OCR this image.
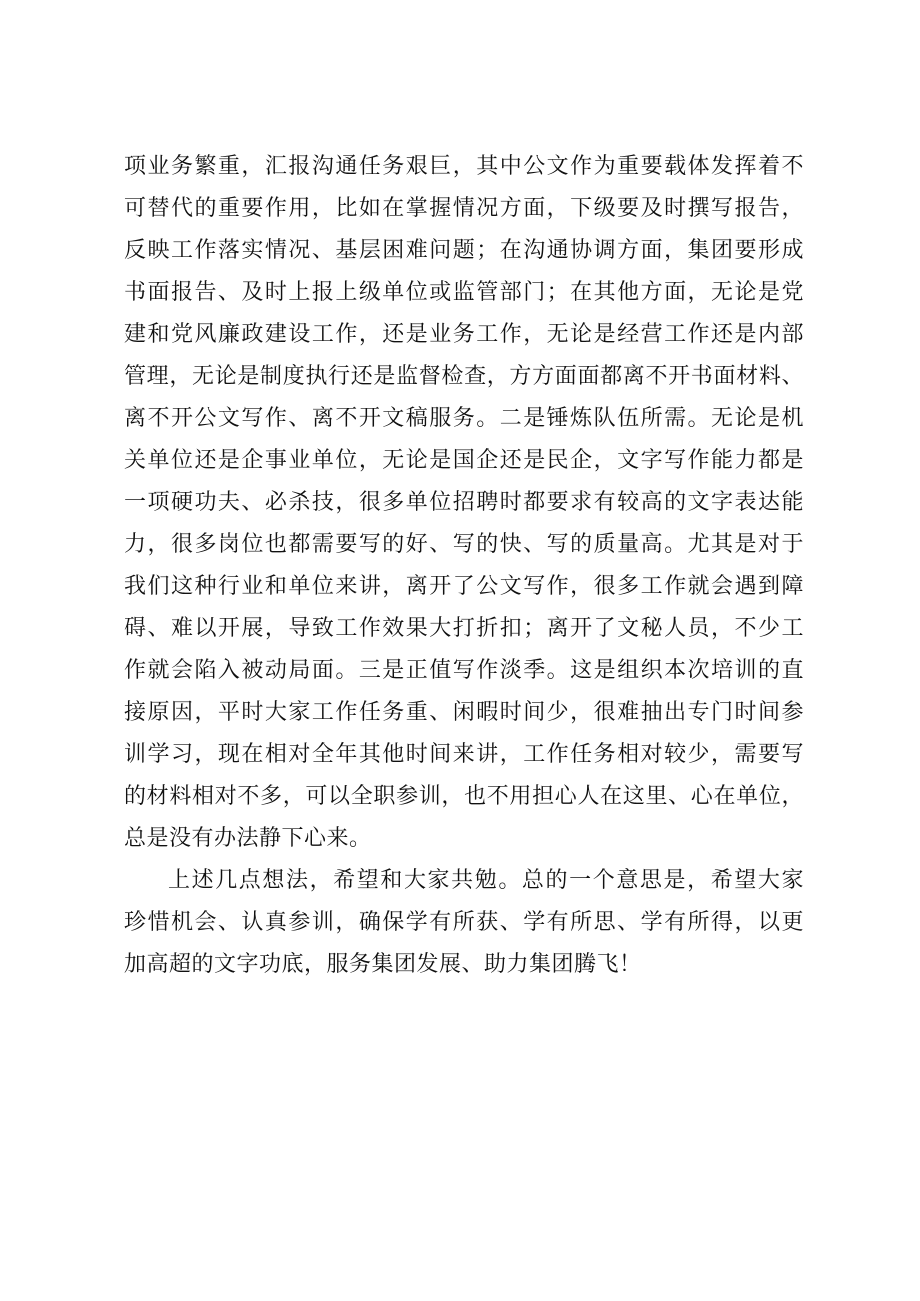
项业务繁重，汇报沟通任务艰巨，其中公文作为重要载体发挥着不
可替代的重要作用，比如在掌握情况方面，下级要及时撰写报告，
反映工作落实情况、基层困难问题；在沟通协调方面，集团要形成
书面报告、及时上报上级单位或监管部门；在其他方面，无论是党
建和党风廉政建设工作，还是业务工作，无论是经营工作还是内部
管理，无论是制度执行还是监督检查，方方面面都离不开书面材料、
离不开公文写作、离不开文稿服务。二是锤炼队伍所需。无论是机
关单位还是企事业单位，无论是国企还是民企，文字写作能力都是
一项硬功夫、必杀技，很多单位招聘时都要求有较高的文字表达能
力，很多岗位也都需要写的好、写的快、写的质量高。尤其是对于
我们这种行业和单位来讲，离开了公文写作，很多工作就会遇到障
碍、难以开展，导致工作效果大打折扣；离开了文秘人员，不少工
作就会陷入被动局面。三是正值写作淡季。这是组织本次培训的直
接原因，平时大家工作任务重、闲暇时间少，很难抽出专门时间参
训学习，现在相对全年其他时间来讲，工作任务相对较少，需要写
的材料相对不多，可以全职参训，也不用担心人在这里、心在单位，
总是没有办法静下心来。
上述几点想法，希望和大家共勉。总的一个意思是，希望大家
珍惜机会、认真参训，确保学有所获、学有所思、学有所得，以更
加高超的文字功底，服务集团发展、助力集团腾飞！
